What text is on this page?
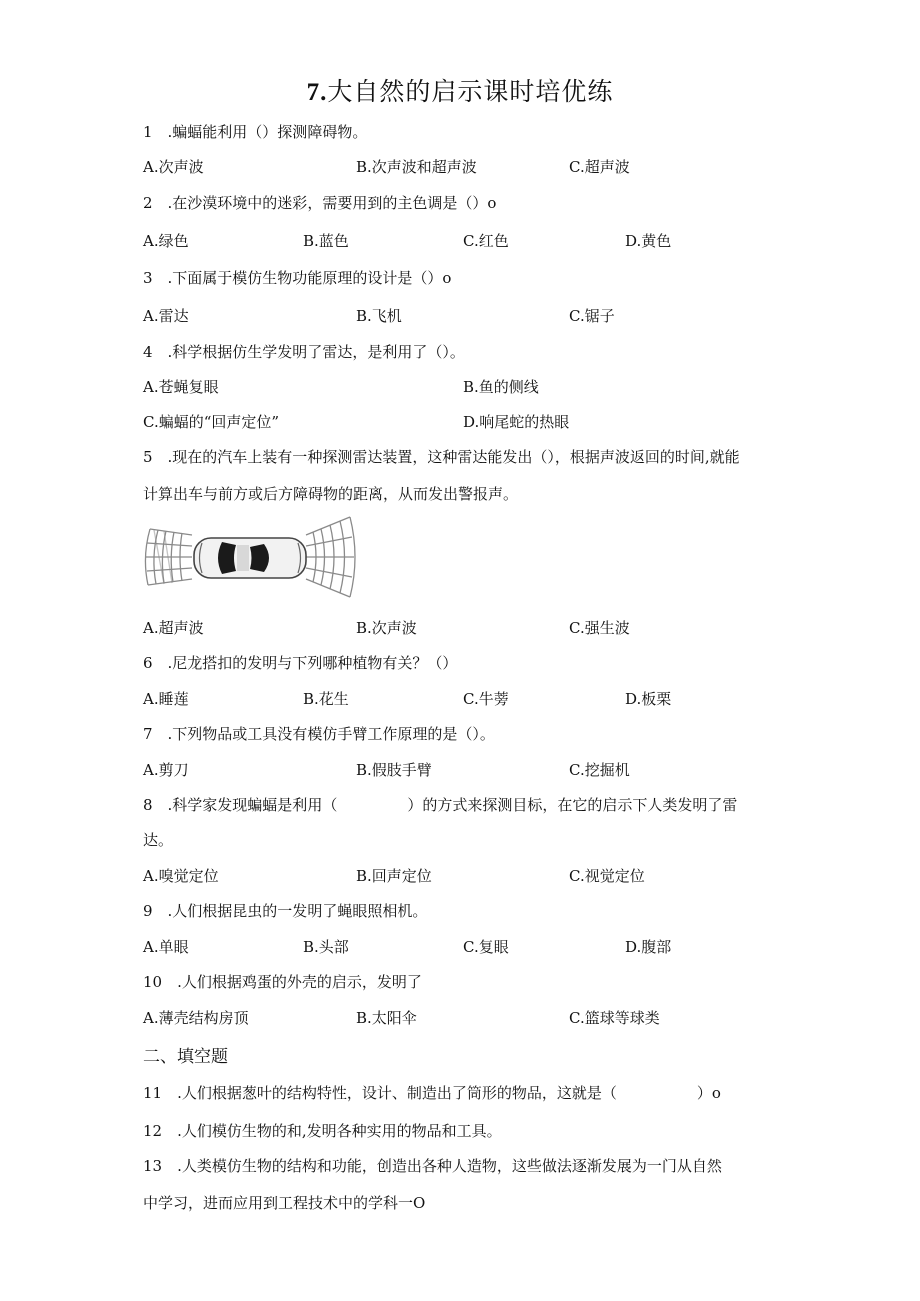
7.大自然的启示课时培优练
1　.蝙蝠能利用（）探测障碍物。
A.次声波	B.次声波和超声波	C.超声波
2　.在沙漠环境中的迷彩，需要用到的主色调是（）o
A.绿色	B.蓝色	C.红色	D.黄色
3　.下面属于模仿生物功能原理的设计是（）o
A.雷达	B.飞机	C.锯子
4　.科学根据仿生学发明了雷达，是利用了（）。
A.苍蝇复眼	B.鱼的侧线
C.蝙蝠的“回声定位”	D.响尾蛇的热眼
5　.现在的汽车上装有一种探测雷达装置，这种雷达能发出（），根据声波返回的时间,就能
计算出车与前方或后方障碍物的距离，从而发出警报声。
A.超声波	B.次声波	C.强生波
6　.尼龙搭扣的发明与下列哪种植物有关？（）
A.睡莲	B.花生	C.牛蒡	D.板栗
7　.下列物品或工具没有模仿手臂工作原理的是（）。
A.剪刀	B.假肢手臂	C.挖掘机
8　.科学家发现蝙蝠是利用（	）的方式来探测目标，在它的启示下人类发明了雷
达。
A.嗅觉定位	B.回声定位	C.视觉定位
9　.人们根据昆虫的一发明了蝇眼照相机。
A.单眼	B.头部	C.复眼	D.腹部
10　.人们根据鸡蛋的外壳的启示，发明了
A.薄壳结构房顶	B.太阳伞	C.篮球等球类
二、填空题
11　.人们根据葱叶的结构特性，设计、制造出了筒形的物品，这就是（	）o
12　.人们模仿生物的和,发明各种实用的物品和工具。
13　.人类模仿生物的结构和功能，创造出各种人造物，这些做法逐渐发展为一门从自然
中学习，进而应用到工程技术中的学科一O
